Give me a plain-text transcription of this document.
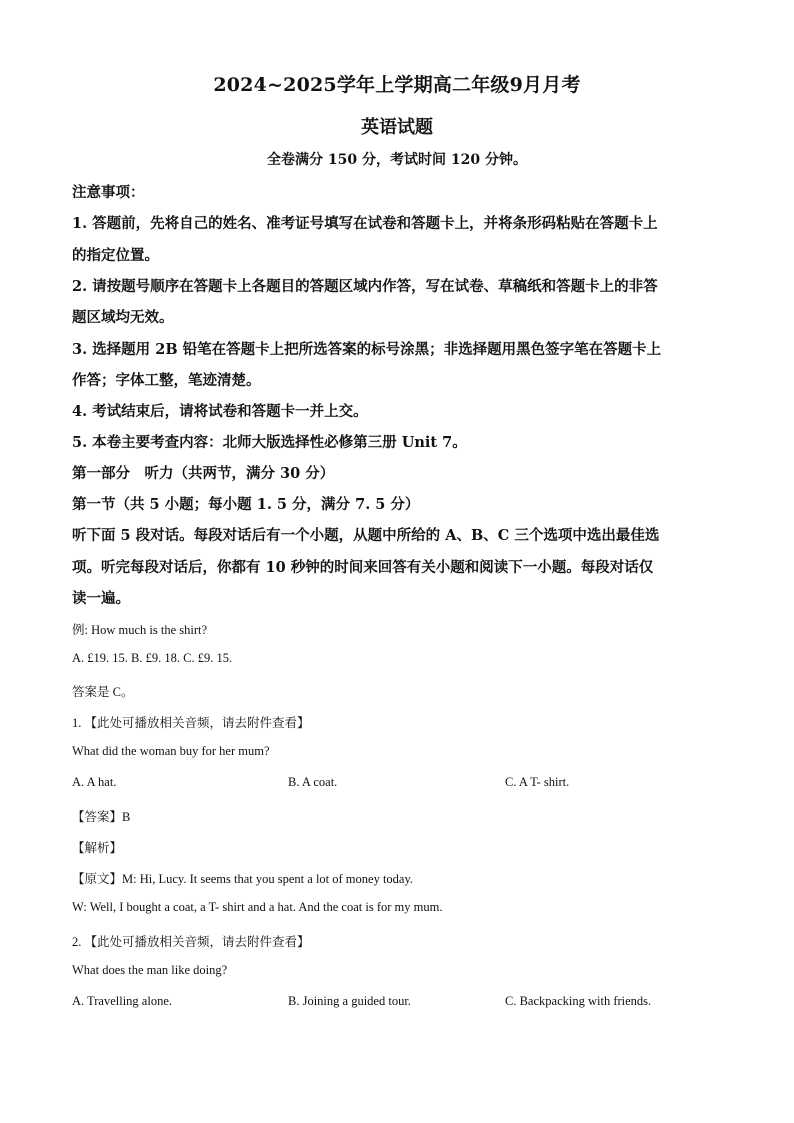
2024~2025学年上学期高二年级9月月考
英语试题
全卷满分 150 分，考试时间 120 分钟。
注意事项：
1. 答题前，先将自己的姓名、准考证号填写在试卷和答题卡上，并将条形码粘贴在答题卡上
的指定位置。
2. 请按题号顺序在答题卡上各题目的答题区域内作答，写在试卷、草稿纸和答题卡上的非答
题区域均无效。
3. 选择题用 2B 铅笔在答题卡上把所选答案的标号涂黑；非选择题用黑色签字笔在答题卡上
作答；字体工整，笔迹清楚。
4. 考试结束后，请将试卷和答题卡一并上交。
5. 本卷主要考查内容：北师大版选择性必修第三册 Unit 7。
第一部分　听力（共两节，满分 30 分）
第一节（共 5 小题；每小题 1. 5 分，满分 7. 5 分）
听下面 5 段对话。每段对话后有一个小题，从题中所给的 A、B、C 三个选项中选出最佳选
项。听完每段对话后，你都有 10 秒钟的时间来回答有关小题和阅读下一小题。每段对话仅
读一遍。
例: How much is the shirt?
A. £19. 15. B. £9. 18. C. £9. 15.
答案是 C。
1. 【此处可播放相关音频，请去附件查看】
What did the woman buy for her mum?
A. A hat.	B. A coat.	C. A T- shirt.
【答案】B
【解析】
【原文】M: Hi, Lucy. It seems that you spent a lot of money today.
W: Well, I bought a coat, a T- shirt and a hat. And the coat is for my mum.
2. 【此处可播放相关音频，请去附件查看】
What does the man like doing?
A. Travelling alone.	B. Joining a guided tour.	C. Backpacking with friends.
